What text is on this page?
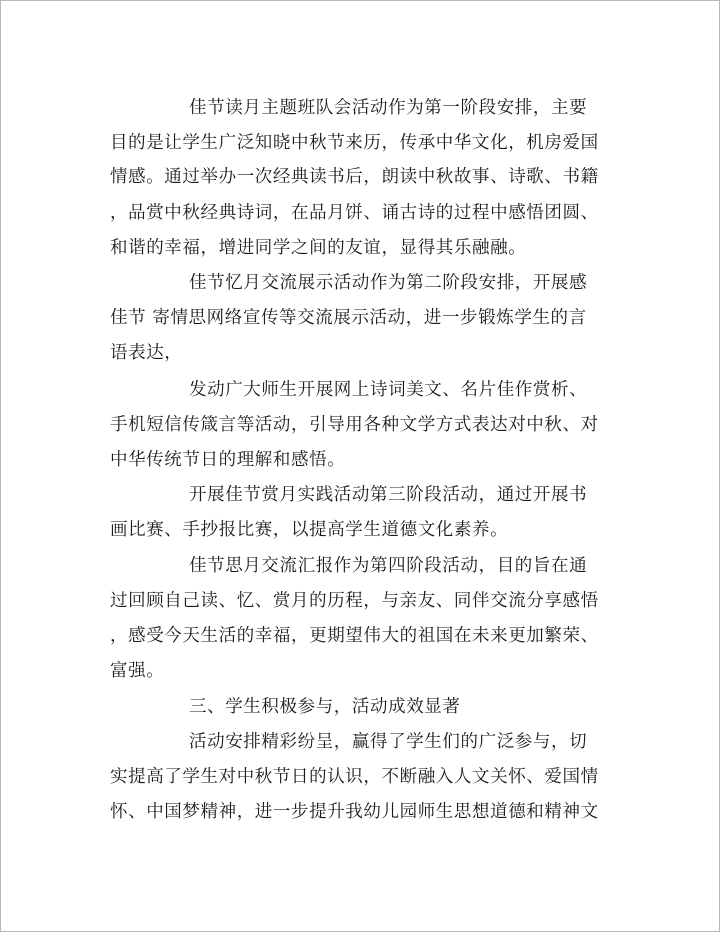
佳节读月主题班队会活动作为第一阶段安排，主要
目的是让学生广泛知晓中秋节来历，传承中华文化，机房爱国
情感。通过举办一次经典读书后，朗读中秋故事、诗歌、书籍
，品赏中秋经典诗词，在品月饼、诵古诗的过程中感悟团圆、
和谐的幸福，增进同学之间的友谊，显得其乐融融。
佳节忆月交流展示活动作为第二阶段安排，开展感
佳节 寄情思网络宣传等交流展示活动，进一步锻炼学生的言
语表达，
发动广大师生开展网上诗词美文、名片佳作赏析、
手机短信传箴言等活动，引导用各种文学方式表达对中秋、对
中华传统节日的理解和感悟。
开展佳节赏月实践活动第三阶段活动，通过开展书
画比赛、手抄报比赛，以提高学生道德文化素养。
佳节思月交流汇报作为第四阶段活动，目的旨在通
过回顾自己读、忆、赏月的历程，与亲友、同伴交流分享感悟
，感受今天生活的幸福，更期望伟大的祖国在未来更加繁荣、
富强。
三、学生积极参与，活动成效显著
活动安排精彩纷呈，赢得了学生们的广泛参与，切
实提高了学生对中秋节日的认识，不断融入人文关怀、爱国情
怀、中国梦精神，进一步提升我幼儿园师生思想道德和精神文
